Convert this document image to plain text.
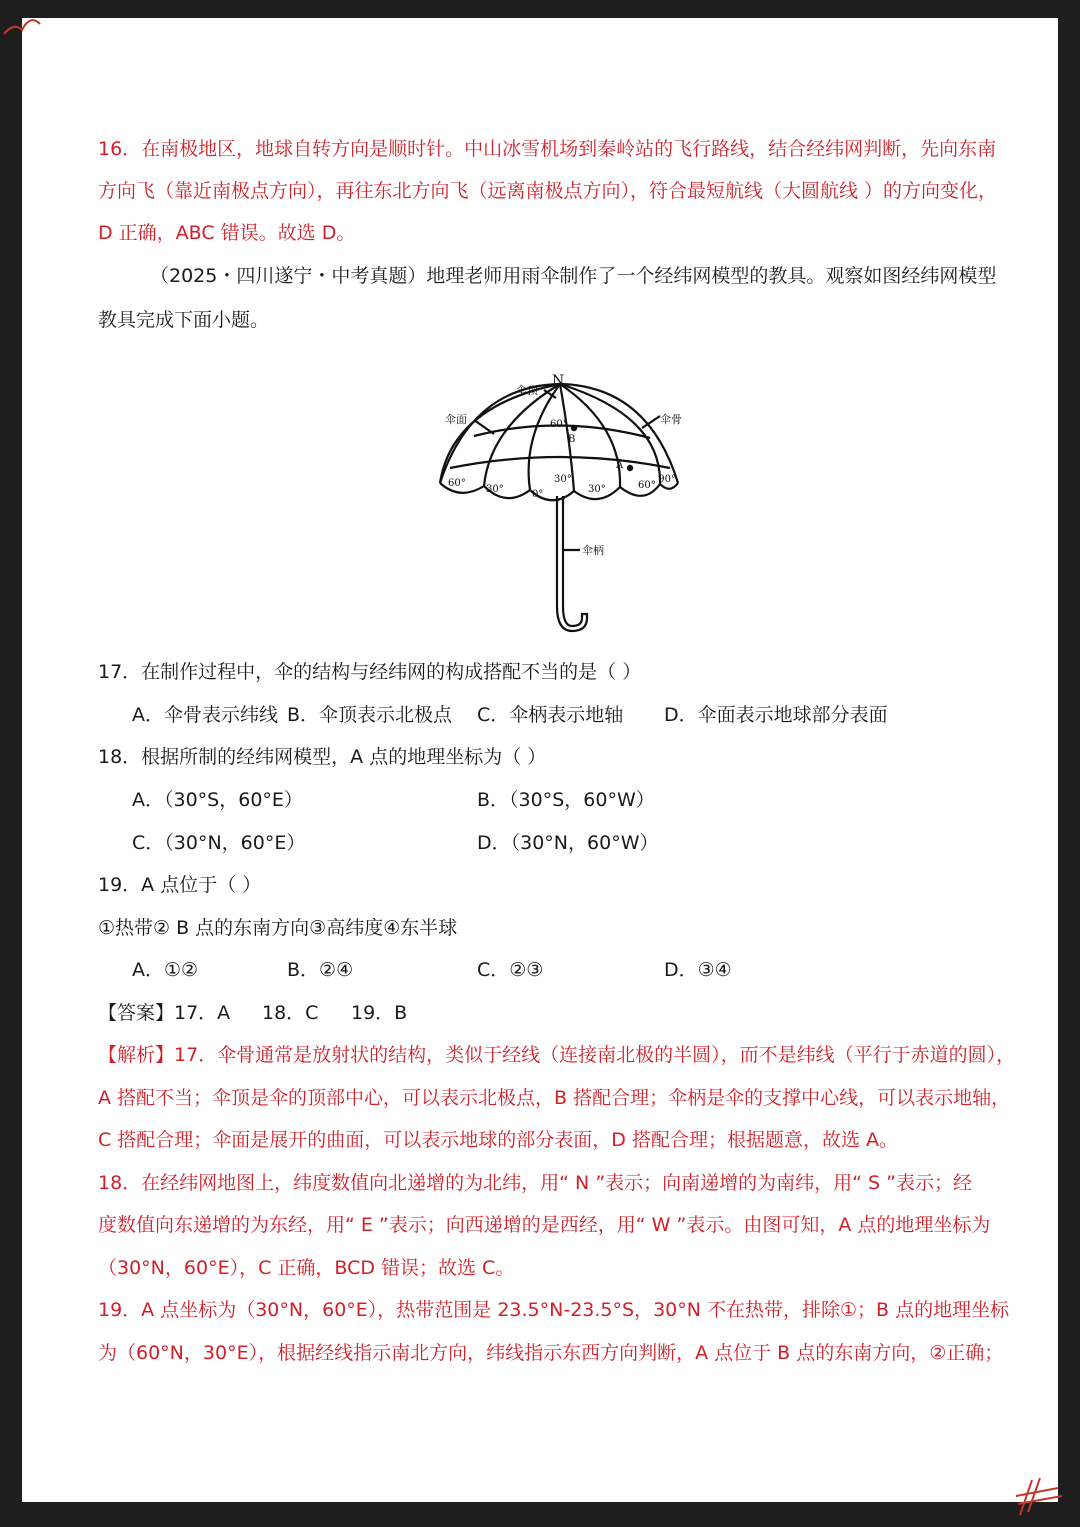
16．在南极地区，地球自转方向是顺时针。中山冰雪机场到秦岭站的飞行路线，结合经纬网判断，先向东南
方向飞（靠近南极点方向），再往东北方向飞（远离南极点方向），符合最短航线（大圆航线 ）的方向变化，
D 正确，ABC 错误。故选 D。
（2025・四川遂宁・中考真题）地理老师用雨伞制作了一个经纬网模型的教具。观察如图经纬网模型
教具完成下面小题。
N
伞顶
伞面	伞骨
伞柄
B
A
60°
30°
60°
30°	0°	30°	60°
90°
17．在制作过程中，伞的结构与经纬网的构成搭配不当的是（ ）
A．伞骨表示纬线 B．伞顶表示北极点 C．伞柄表示地轴 D．伞面表示地球部分表面
18．根据所制的经纬网模型，A 点的地理坐标为（ ）
A．（30°S，60°E）	B．（30°S，60°W）
C．（30°N，60°E）	D．（30°N，60°W）
19．A 点位于（ ）
①热带② B 点的东南方向③高纬度④东半球
A．①②	B．②④	C．②③	D．③④
【答案】 17．A 18．C 19．B
【解析】17．伞骨通常是放射状的结构，类似于经线（连接南北极的半圆），而不是纬线（平行于赤道的圆），
A 搭配不当；伞顶是伞的顶部中心，可以表示北极点，B 搭配合理；伞柄是伞的支撑中心线，可以表示地轴，
C 搭配合理；伞面是展开的曲面，可以表示地球的部分表面，D 搭配合理；根据题意，故选 A。
18．在经纬网地图上，纬度数值向北递增的为北纬，用“ N ”表示；向南递增的为南纬，用“ S ”表示；经
度数值向东递增的为东经，用“ E ”表示；向西递增的是西经，用“ W ”表示。由图可知，A 点的地理坐标为
（30°N，60°E），C 正确，BCD 错误；故选 C。
19．A 点坐标为（30°N，60°E），热带范围是 23.5°N-23.5°S，30°N 不在热带，排除①；B 点的地理坐标
为（60°N，30°E），根据经线指示南北方向，纬线指示东西方向判断，A 点位于 B 点的东南方向，②正确；
